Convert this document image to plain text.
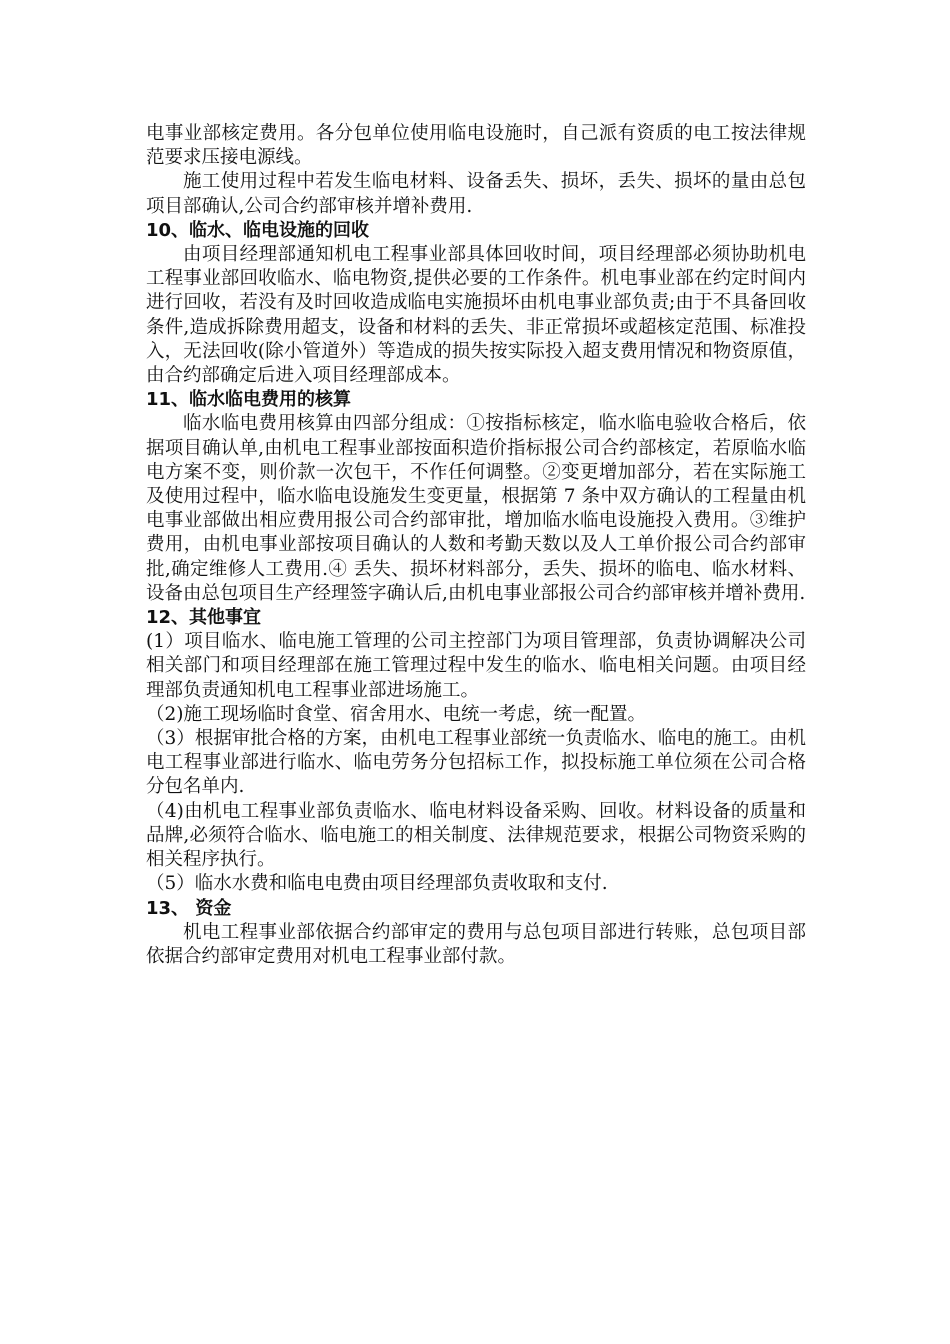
电事业部核定费用。各分包单位使用临电设施时，自己派有资质的电工按法律规范要求压接电源线。

施工使用过程中若发生临电材料、设备丢失、损坏，丢失、损坏的量由总包项目部确认,公司合约部审核并增补费用.

10、临水、临电设施的回收

由项目经理部通知机电工程事业部具体回收时间，项目经理部必须协助机电工程事业部回收临水、临电物资,提供必要的工作条件。机电事业部在约定时间内进行回收，若没有及时回收造成临电实施损坏由机电事业部负责;由于不具备回收条件,造成拆除费用超支，设备和材料的丢失、非正常损坏或超核定范围、标准投入，无法回收(除小管道外）等造成的损失按实际投入超支费用情况和物资原值，由合约部确定后进入项目经理部成本。

11、临水临电费用的核算

临水临电费用核算由四部分组成：①按指标核定，临水临电验收合格后，依据项目确认单,由机电工程事业部按面积造价指标报公司合约部核定，若原临水临电方案不变，则价款一次包干，不作任何调整。②变更增加部分，若在实际施工及使用过程中，临水临电设施发生变更量，根据第 7 条中双方确认的工程量由机电事业部做出相应费用报公司合约部审批，增加临水临电设施投入费用。③维护费用，由机电事业部按项目确认的人数和考勤天数以及人工单价报公司合约部审批,确定维修人工费用.④ 丢失、损坏材料部分，丢失、损坏的临电、临水材料、设备由总包项目生产经理签字确认后,由机电事业部报公司合约部审核并增补费用.

12、其他事宜

(1）项目临水、临电施工管理的公司主控部门为项目管理部，负责协调解决公司相关部门和项目经理部在施工管理过程中发生的临水、临电相关问题。由项目经理部负责通知机电工程事业部进场施工。

（2)施工现场临时食堂、宿舍用水、电统一考虑，统一配置。

（3）根据审批合格的方案，由机电工程事业部统一负责临水、临电的施工。由机电工程事业部进行临水、临电劳务分包招标工作，拟投标施工单位须在公司合格分包名单内.

（4)由机电工程事业部负责临水、临电材料设备采购、回收。材料设备的质量和品牌,必须符合临水、临电施工的相关制度、法律规范要求，根据公司物资采购的相关程序执行。

（5）临水水费和临电电费由项目经理部负责收取和支付.

13、 资金

机电工程事业部依据合约部审定的费用与总包项目部进行转账，总包项目部依据合约部审定费用对机电工程事业部付款。
